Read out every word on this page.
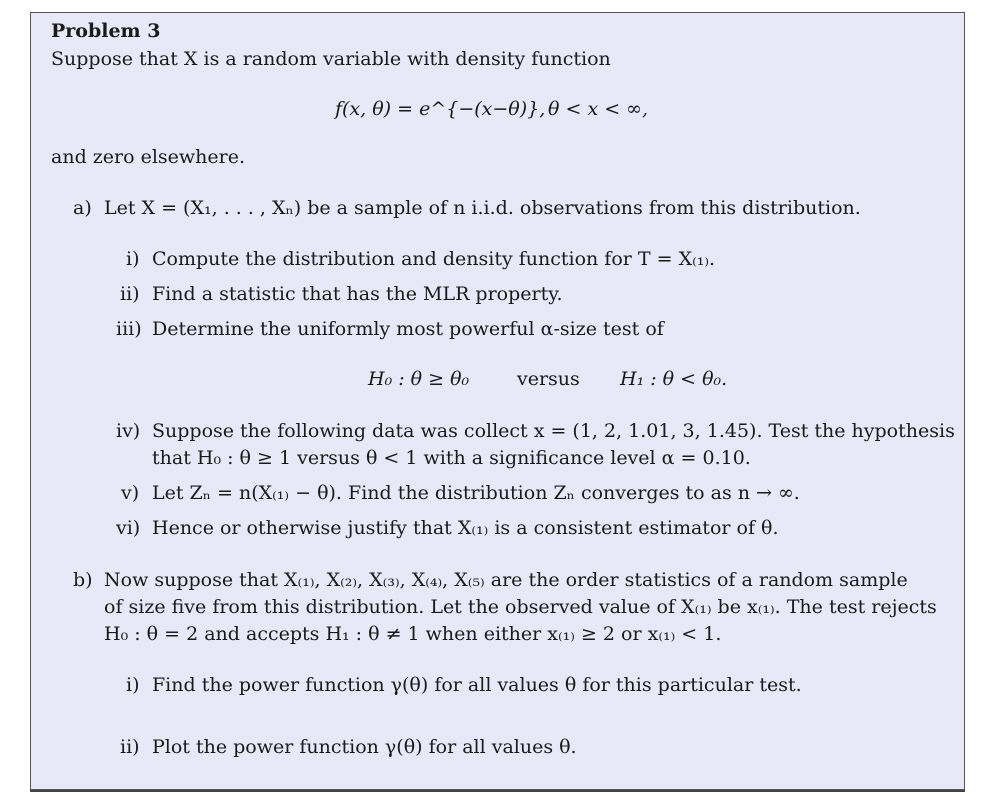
Problem 3
Suppose that X is a random variable with density function
f(x, θ) = e^{−(x−θ)}, θ < x < ∞,
and zero elsewhere.
a) Let X = (X₁, . . . , Xₙ) be a sample of n i.i.d. observations from this distribution.
i) Compute the distribution and density function for T = X₍₁₎.
ii) Find a statistic that has the MLR property.
iii) Determine the uniformly most powerful α-size test of
H₀ : θ ≥ θ₀	versus H₁ : θ < θ₀.
iv) Suppose the following data was collect x = (1, 2, 1.01, 3, 1.45). Test the hypothesis
that H₀ : θ ≥ 1 versus θ < 1 with a significance level α = 0.10.
v) Let Zₙ = n(X₍₁₎ − θ). Find the distribution Zₙ converges to as n → ∞.
vi) Hence or otherwise justify that X₍₁₎ is a consistent estimator of θ.
b) Now suppose that X₍₁₎, X₍₂₎, X₍₃₎, X₍₄₎, X₍₅₎ are the order statistics of a random sample
of size five from this distribution. Let the observed value of X₍₁₎ be x₍₁₎. The test rejects
H₀ : θ = 2 and accepts H₁ : θ ≠ 1 when either x₍₁₎ ≥ 2 or x₍₁₎ < 1.
i) Find the power function γ(θ) for all values θ for this particular test.
ii) Plot the power function γ(θ) for all values θ.
